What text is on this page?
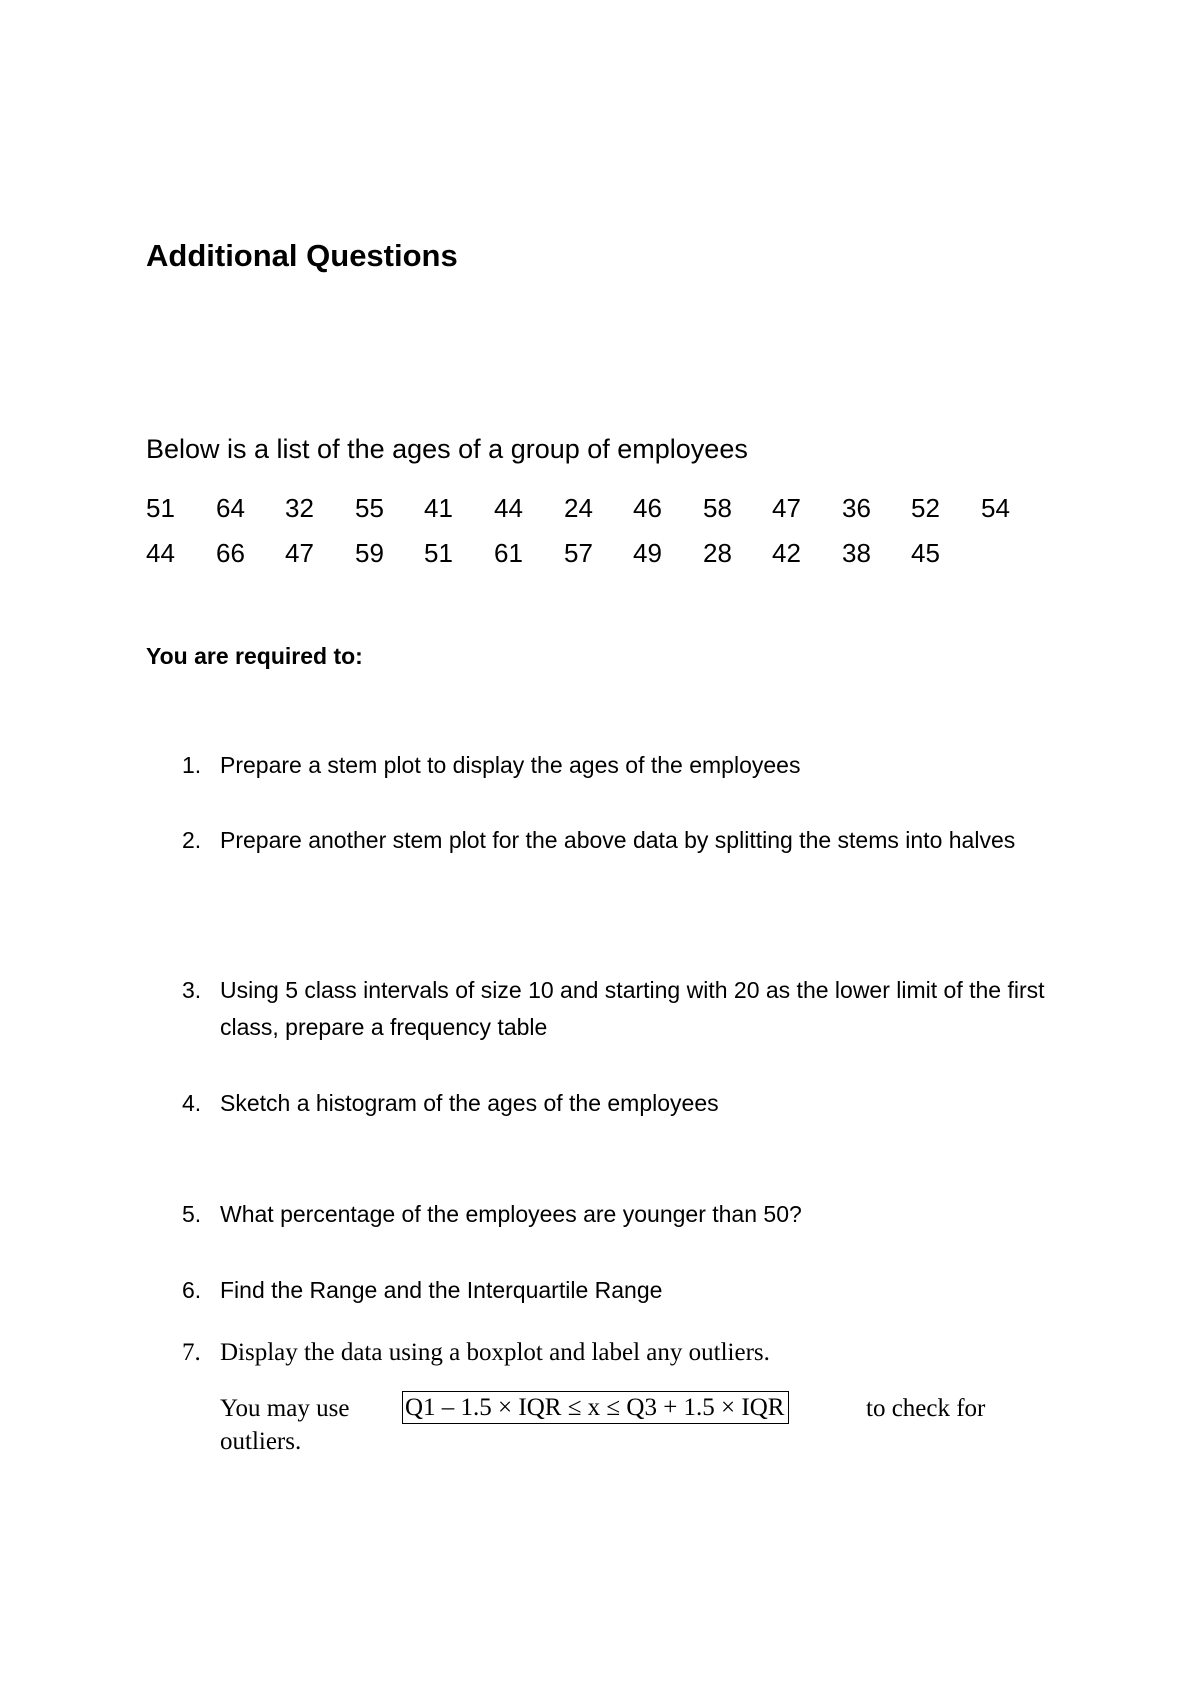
Additional Questions

Below is a list of the ages of a group of employees

51 64 32 55 41 44 24 46 58 47 36 52 54
44 66 47 59 51 61 57 49 28 42 38 45

You are required to:

1. Prepare a stem plot to display the ages of the employees
2. Prepare another stem plot for the above data by splitting the stems into halves
3. Using 5 class intervals of size 10 and starting with 20 as the lower limit of the first class, prepare a frequency table
4. Sketch a histogram of the ages of the employees
5. What percentage of the employees are younger than 50?
6. Find the Range and the Interquartile Range
7. Display the data using a boxplot and label any outliers.
You may use Q1 – 1.5 × IQR ≤ x ≤ Q3 + 1.5 × IQR	to check for
outliers.
